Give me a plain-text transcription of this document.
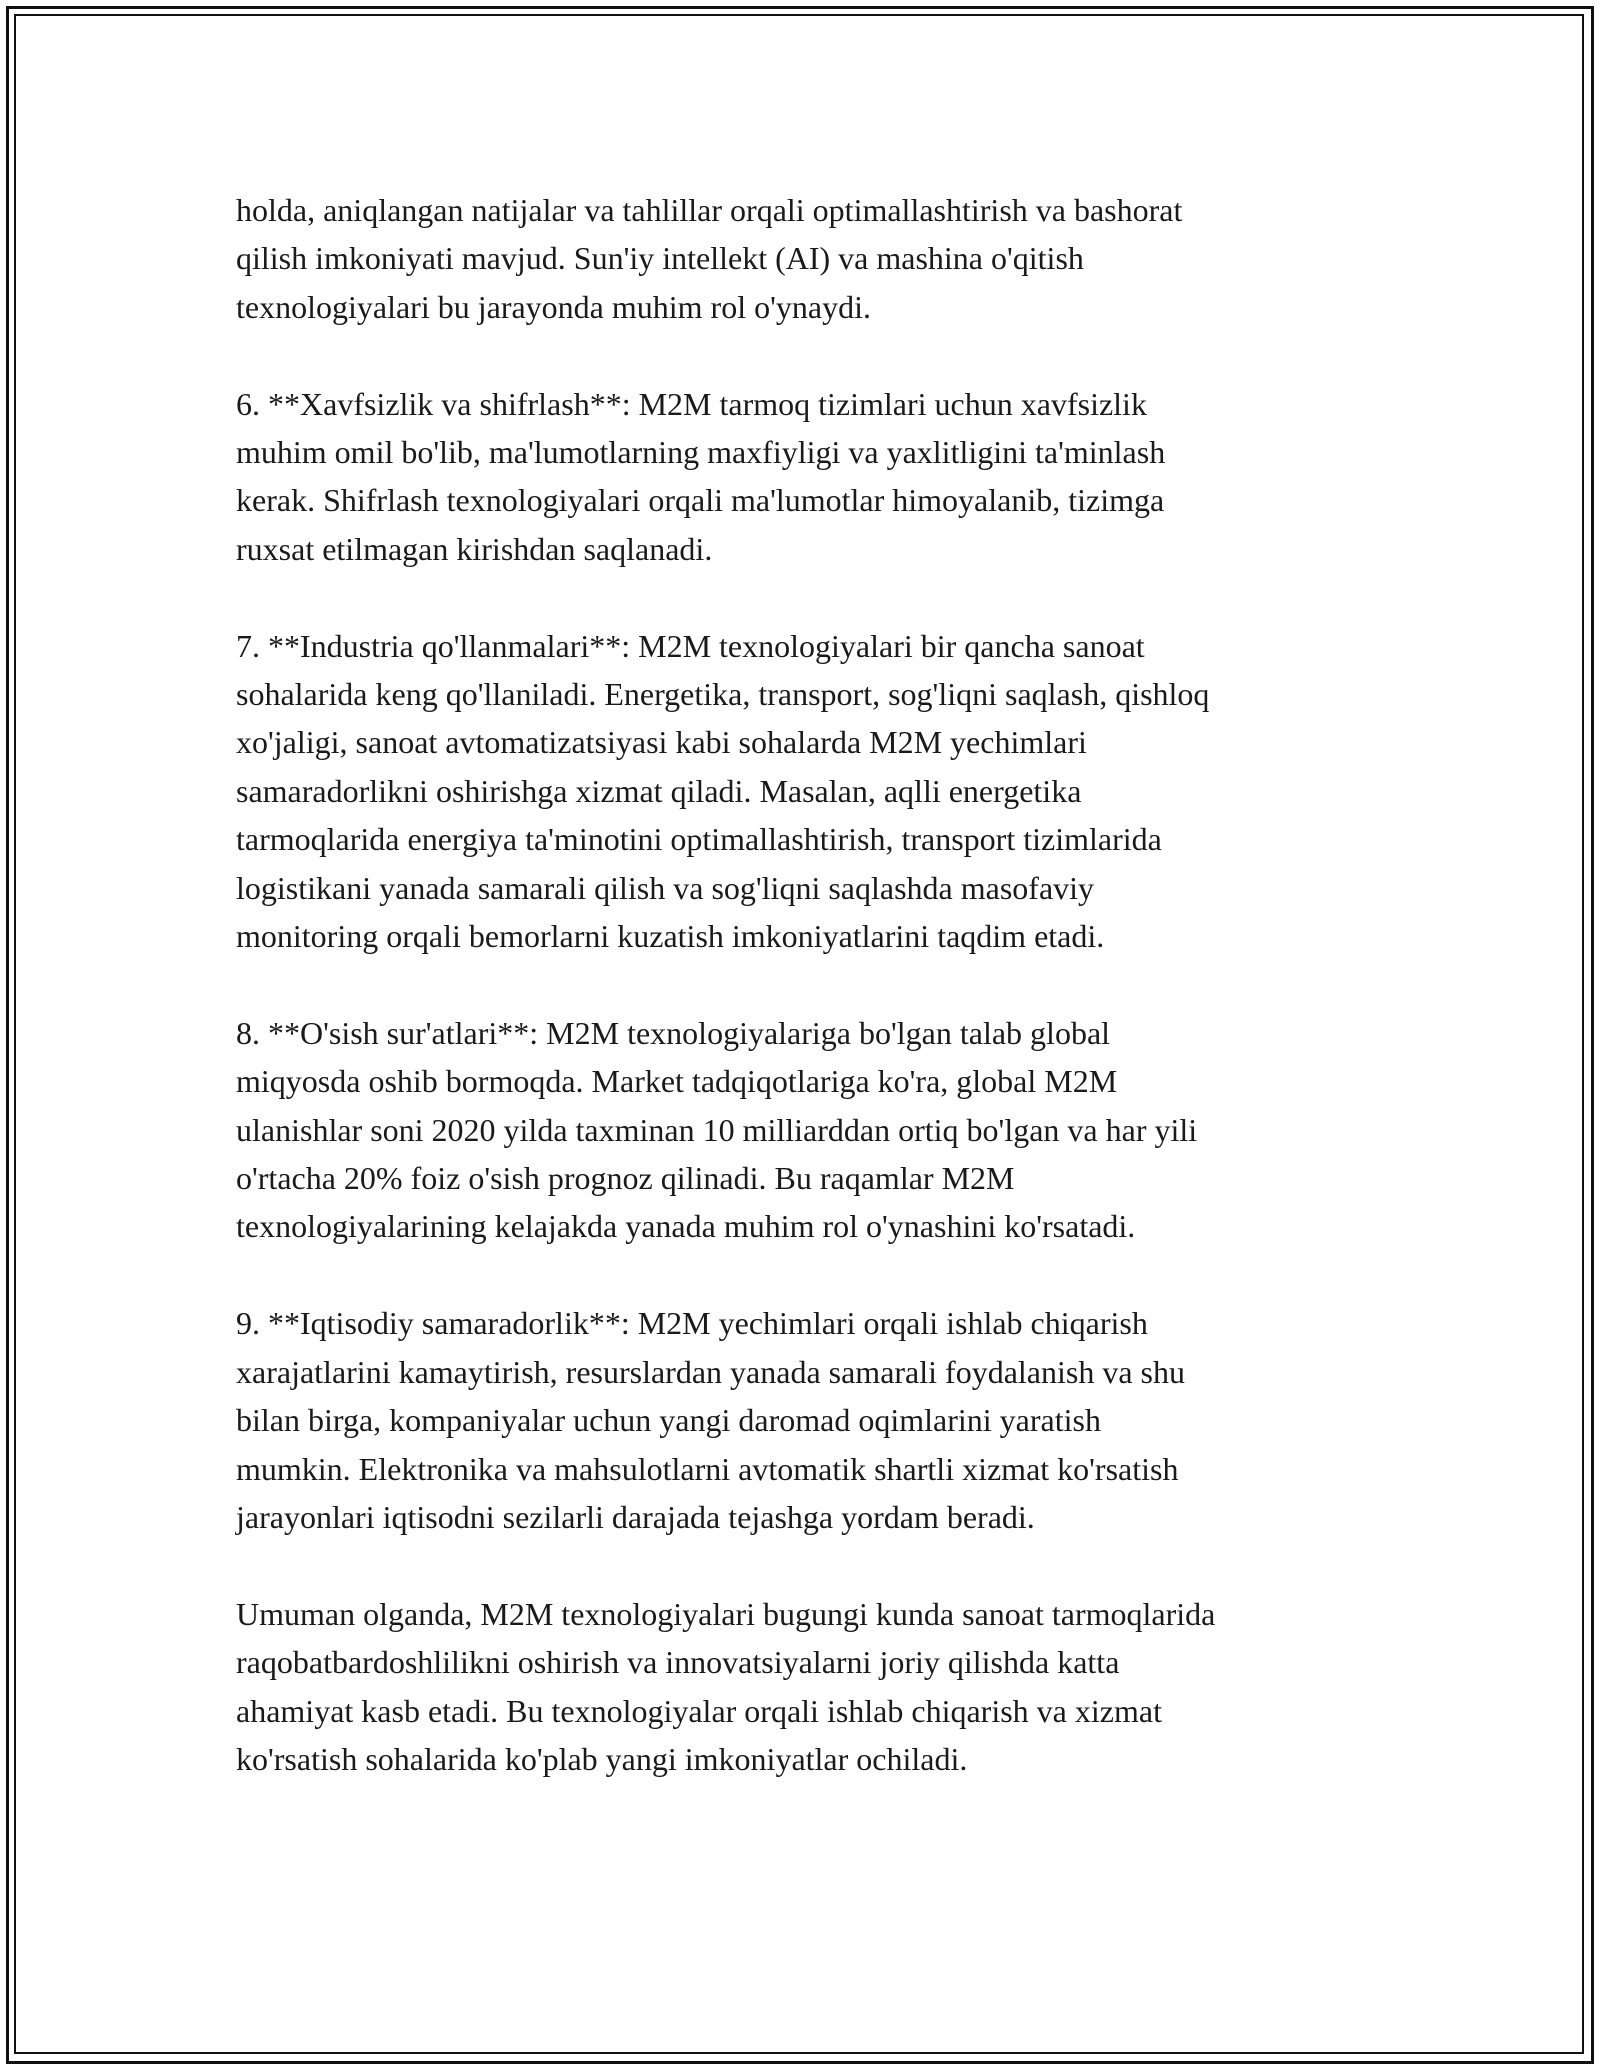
holda, aniqlangan natijalar va tahlillar orqali optimallashtirish va bashorat
qilish imkoniyati mavjud. Sun'iy intellekt (AI) va mashina o'qitish
texnologiyalari bu jarayonda muhim rol o'ynaydi.

6. **Xavfsizlik va shifrlash**: M2M tarmoq tizimlari uchun xavfsizlik
muhim omil bo'lib, ma'lumotlarning maxfiyligi va yaxlitligini ta'minlash
kerak. Shifrlash texnologiyalari orqali ma'lumotlar himoyalanib, tizimga
ruxsat etilmagan kirishdan saqlanadi.

7. **Industria qo'llanmalari**: M2M texnologiyalari bir qancha sanoat
sohalarida keng qo'llaniladi. Energetika, transport, sog'liqni saqlash, qishloq
xo'jaligi, sanoat avtomatizatsiyasi kabi sohalarda M2M yechimlari
samaradorlikni oshirishga xizmat qiladi. Masalan, aqlli energetika
tarmoqlarida energiya ta'minotini optimallashtirish, transport tizimlarida
logistikani yanada samarali qilish va sog'liqni saqlashda masofaviy
monitoring orqali bemorlarni kuzatish imkoniyatlarini taqdim etadi.

8. **O'sish sur'atlari**: M2M texnologiyalariga bo'lgan talab global
miqyosda oshib bormoqda. Market tadqiqotlariga ko'ra, global M2M
ulanishlar soni 2020 yilda taxminan 10 milliarddan ortiq bo'lgan va har yili
o'rtacha 20% foiz o'sish prognoz qilinadi. Bu raqamlar M2M
texnologiyalarining kelajakda yanada muhim rol o'ynashini ko'rsatadi.

9. **Iqtisodiy samaradorlik**: M2M yechimlari orqali ishlab chiqarish
xarajatlarini kamaytirish, resurslardan yanada samarali foydalanish va shu
bilan birga, kompaniyalar uchun yangi daromad oqimlarini yaratish
mumkin. Elektronika va mahsulotlarni avtomatik shartli xizmat ko'rsatish
jarayonlari iqtisodni sezilarli darajada tejashga yordam beradi.

Umuman olganda, M2M texnologiyalari bugungi kunda sanoat tarmoqlarida
raqobatbardoshlilikni oshirish va innovatsiyalarni joriy qilishda katta
ahamiyat kasb etadi. Bu texnologiyalar orqali ishlab chiqarish va xizmat
ko'rsatish sohalarida ko'plab yangi imkoniyatlar ochiladi.
